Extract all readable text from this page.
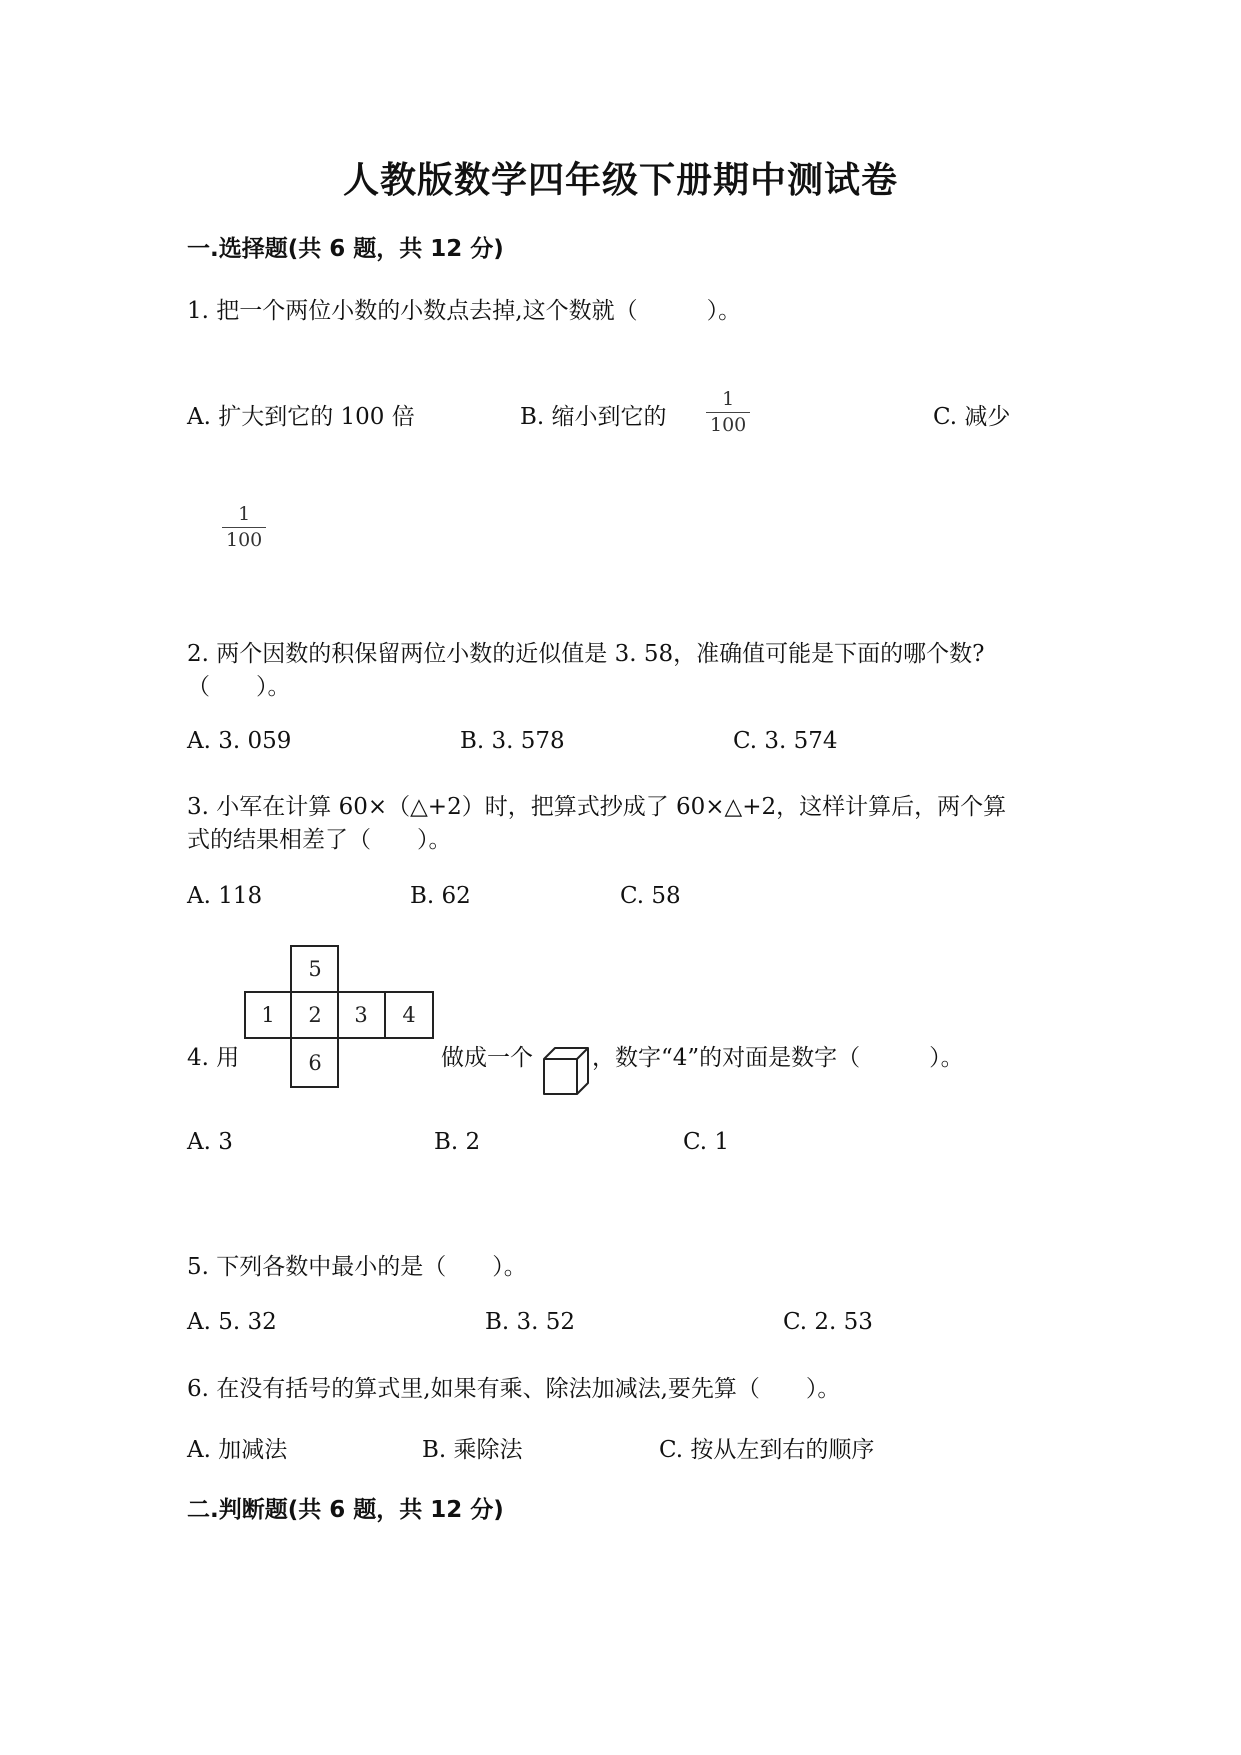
人教版数学四年级下册期中测试卷
一.选择题(共 6 题，共 12 分)
1. 把一个两位小数的小数点去掉,这个数就（　　　）。
A. 扩大到它的 100 倍	B. 缩小到它的
1
100	C. 减少
1
100
2. 两个因数的积保留两位小数的近似值是 3. 58，准确值可能是下面的哪个数?
（　　）。
A. 3. 059	B. 3. 578	C. 3. 574
3. 小军在计算 60×（△+2）时，把算式抄成了 60×△+2，这样计算后，两个算
式的结果相差了（　　）。
A. 118	B. 62	C. 58
4. 用
5
1 2 3 4
6	做成一个	，数字“4”的对面是数字（　　　）。
A. 3	B. 2	C. 1
5. 下列各数中最小的是（　　）。
A. 5. 32	B. 3. 52	C. 2. 53
6. 在没有括号的算式里,如果有乘、除法加减法,要先算（　　）。
A. 加减法	B. 乘除法	C. 按从左到右的顺序
二.判断题(共 6 题，共 12 分)
